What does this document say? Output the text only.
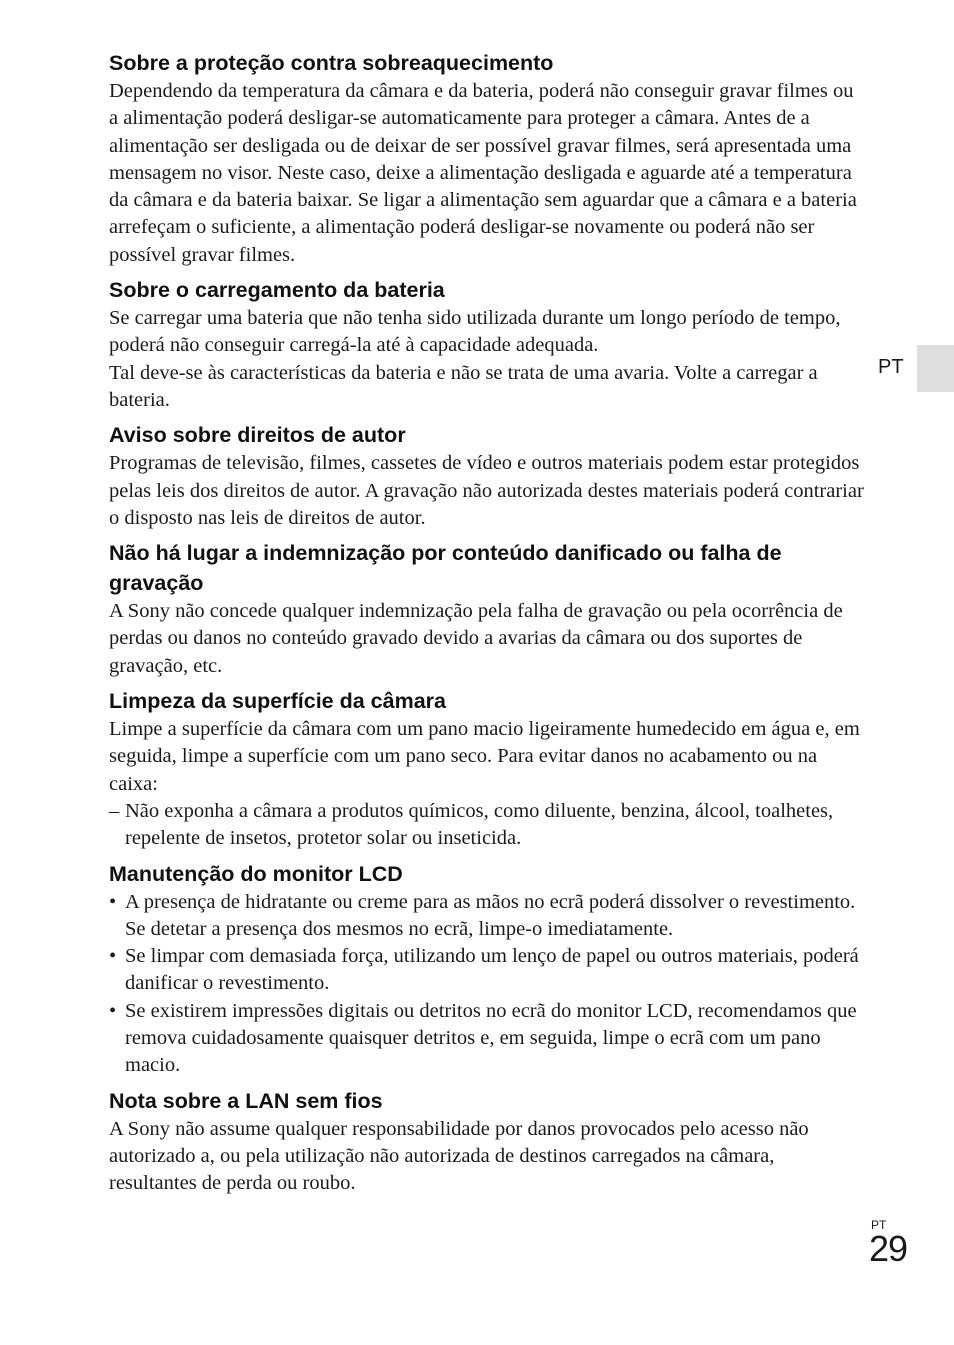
PT
Sobre a proteção contra sobreaquecimento

Dependendo da temperatura da câmara e da bateria, poderá não conseguir gravar filmes ou a alimentação poderá desligar-se automaticamente para proteger a câmara. Antes de a alimentação ser desligada ou de deixar de ser possível gravar filmes, será apresentada uma mensagem no visor. Neste caso, deixe a alimentação desligada e aguarde até a temperatura da câmara e da bateria baixar. Se ligar a alimentação sem aguardar que a câmara e a bateria arrefeçam o suficiente, a alimentação poderá desligar-se novamente ou poderá não ser possível gravar filmes.

Sobre o carregamento da bateria

Se carregar uma bateria que não tenha sido utilizada durante um longo período de tempo, poderá não conseguir carregá-la até à capacidade adequada.

Tal deve-se às características da bateria e não se trata de uma avaria. Volte a carregar a bateria.

Aviso sobre direitos de autor

Programas de televisão, filmes, cassetes de vídeo e outros materiais podem estar protegidos pelas leis dos direitos de autor. A gravação não autorizada destes materiais poderá contrariar o disposto nas leis de direitos de autor.

Não há lugar a indemnização por conteúdo danificado ou falha de gravação

A Sony não concede qualquer indemnização pela falha de gravação ou pela ocorrência de perdas ou danos no conteúdo gravado devido a avarias da câmara ou dos suportes de gravação, etc.

Limpeza da superfície da câmara

Limpe a superfície da câmara com um pano macio ligeiramente humedecido em água e, em seguida, limpe a superfície com um pano seco. Para evitar danos no acabamento ou na caixa:

– Não exponha a câmara a produtos químicos, como diluente, benzina, álcool, toalhetes, repelente de insetos, protetor solar ou inseticida.
Manutenção do monitor LCD
• A presença de hidratante ou creme para as mãos no ecrã poderá dissolver o revestimento. Se detetar a presença dos mesmos no ecrã, limpe-o imediatamente.
• Se limpar com demasiada força, utilizando um lenço de papel ou outros materiais, poderá danificar o revestimento.
• Se existirem impressões digitais ou detritos no ecrã do monitor LCD, recomendamos que remova cuidadosamente quaisquer detritos e, em seguida, limpe o ecrã com um pano macio.
Nota sobre a LAN sem fios

A Sony não assume qualquer responsabilidade por danos provocados pelo acesso não autorizado a, ou pela utilização não autorizada de destinos carregados na câmara, resultantes de perda ou roubo.

PT
29
